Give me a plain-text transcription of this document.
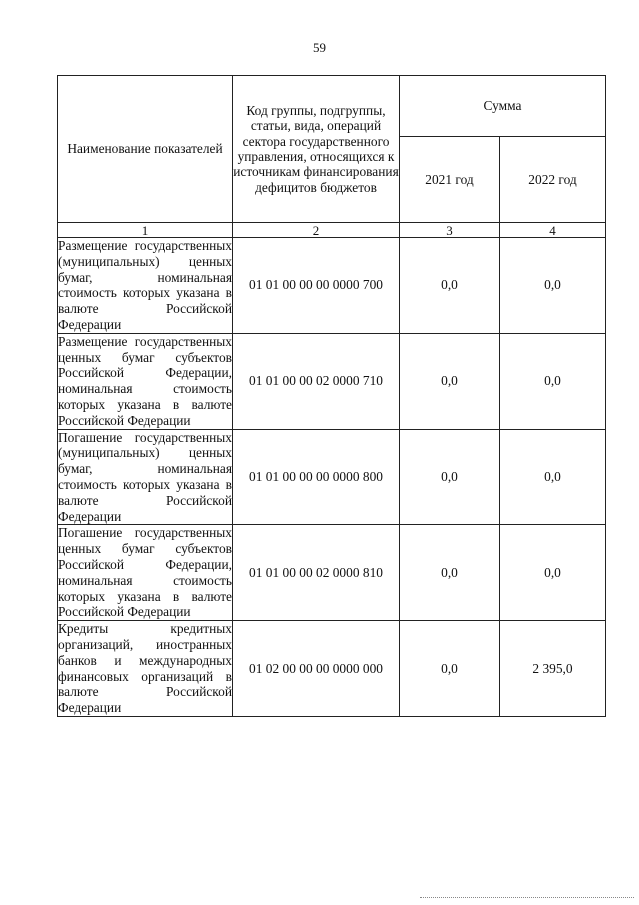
59
Наименование показателей	Код группы, подгруппы, статьи, вида, операций сектора государственного управления, относящихся к источникам финансирования дефицитов бюджетов	Сумма	
		2021 год	2022 год
1	2	3	4
Размещение государственных (муниципальных) ценных бумаг, номинальная стоимость которых указана в валюте Российской Федерации	01 01 00 00 00 0000 700	0,0	0,0
Размещение государственных ценных бумаг субъектов Российской Федерации, номинальная стоимость которых указана в валюте Российской Федерации	01 01 00 00 02 0000 710	0,0	0,0
Погашение государственных (муниципальных) ценных бумаг, номинальная стоимость которых указана в валюте Российской Федерации	01 01 00 00 00 0000 800	0,0	0,0
Погашение государственных ценных бумаг субъектов Российской Федерации, номинальная стоимость которых указана в валюте Российской Федерации	01 01 00 00 02 0000 810	0,0	0,0
Кредиты кредитных организаций, иностранных банков и международных финансовых организаций в валюте Российской Федерации	01 02 00 00 00 0000 000	0,0	2 395,0
